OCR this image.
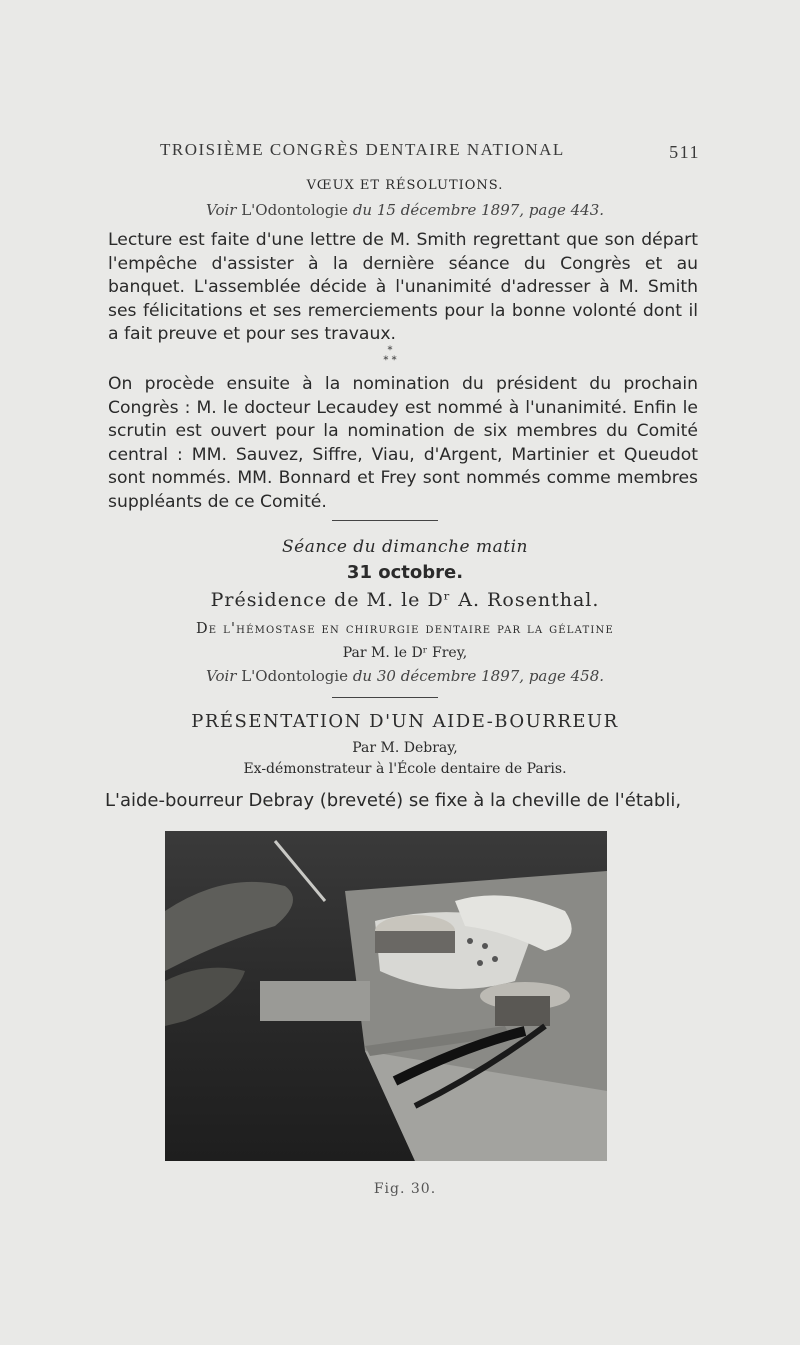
TROISIÈME CONGRÈS DENTAIRE NATIONAL	511
VŒUX ET RÉSOLUTIONS.
Voir L'Odontologie du 15 décembre 1897, page 443.

Lecture est faite d'une lettre de M. Smith regrettant que son départ l'empêche d'assister à la dernière séance du Congrès et au banquet. L'assemblée décide à l'unanimité d'adresser à M. Smith ses félicitations et ses remerciements pour la bonne volonté dont il a fait preuve et pour ses travaux.

*
* *

On procède ensuite à la nomination du président du prochain Congrès : M. le docteur Lecaudey est nommé à l'unanimité. Enfin le scrutin est ouvert pour la nomination de six membres du Comité central : MM. Sauvez, Siffre, Viau, d'Argent, Martinier et Queudot sont nommés. MM. Bonnard et Frey sont nommés comme membres suppléants de ce Comité.

Séance du dimanche matin
31 octobre.
Présidence de M. le Dʳ A. Rosenthal.
De l'hémostase en chirurgie dentaire par la gélatine
Par M. le Dʳ Frey,
Voir L'Odontologie du 30 décembre 1897, page 458.
PRÉSENTATION D'UN AIDE-BOURREUR
Par M. Debray,
Ex-démonstrateur à l'École dentaire de Paris.
L'aide-bourreur Debray (breveté) se fixe à la cheville de l'établi,
Fig. 30.
